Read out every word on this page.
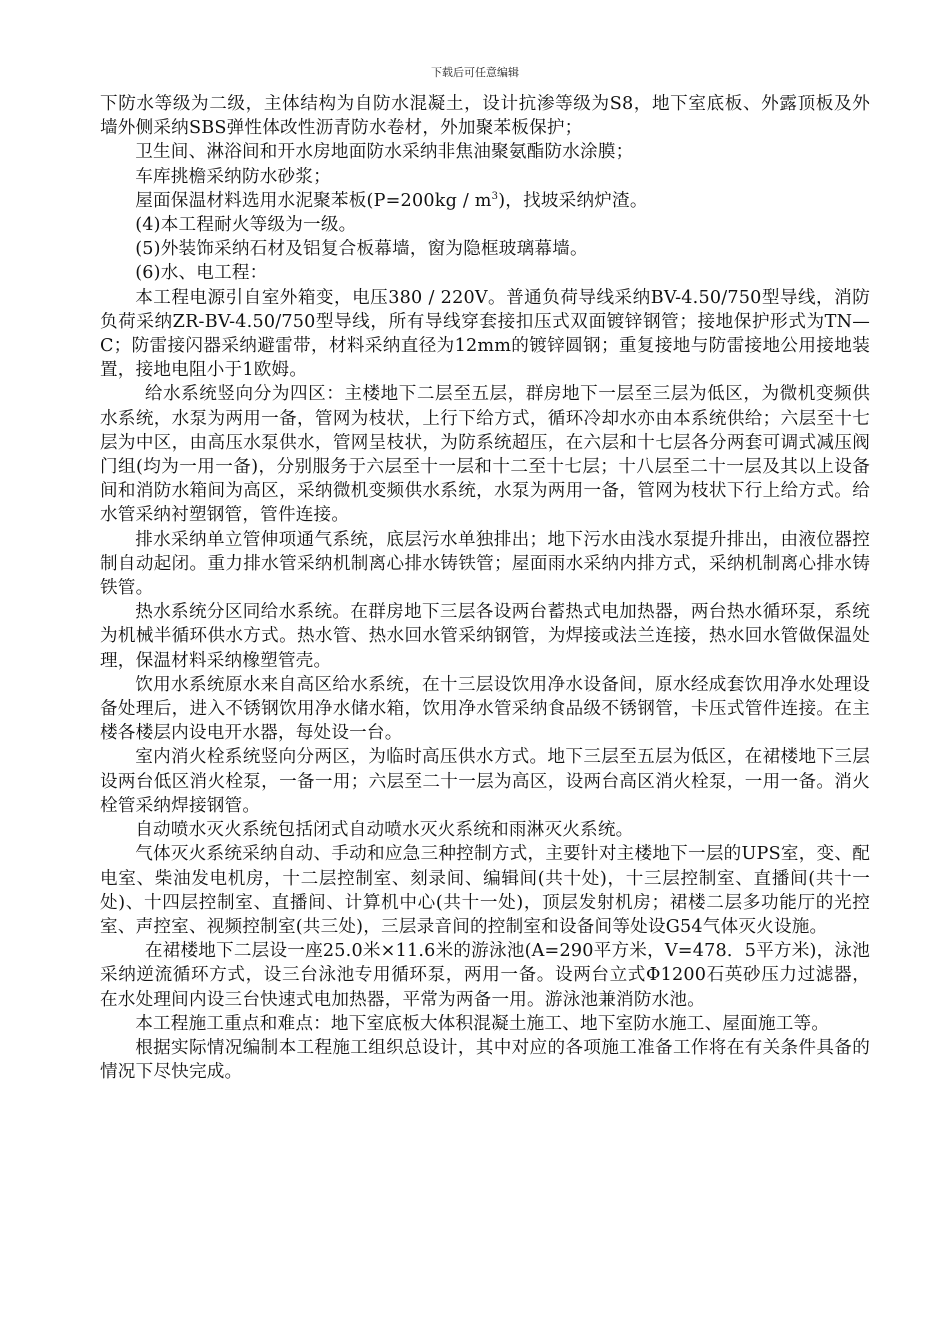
下载后可任意编辑

下防水等级为二级，主体结构为自防水混凝土，设计抗渗等级为S8，地下室底板、外露顶板及外墙外侧采纳SBS弹性体改性沥青防水卷材，外加聚苯板保护；

卫生间、淋浴间和开水房地面防水采纳非焦油聚氨酯防水涂膜；

车库挑檐采纳防水砂浆；

屋面保温材料选用水泥聚苯板$(P=200kg / m^3)$，找坡采纳炉渣。

(4)本工程耐火等级为一级。

(5)外装饰采纳石材及铝复合板幕墙，窗为隐框玻璃幕墙。

(6)水、电工程：

本工程电源引自室外箱变，电压380 / 220V。普通负荷导线采纳BV-4.50/750型导线，消防负荷采纳ZR-BV-4.50/750型导线，所有导线穿套接扣压式双面镀锌钢管；接地保护形式为TN—C；防雷接闪器采纳避雷带，材料采纳直径为12mm的镀锌圆钢；重复接地与防雷接地公用接地装置，接地电阻小于1欧姆。

给水系统竖向分为四区：主楼地下二层至五层，群房地下一层至三层为低区，为微机变频供水系统，水泵为两用一备，管网为枝状，上行下给方式，循环冷却水亦由本系统供给；六层至十七层为中区，由高压水泵供水，管网呈枝状，为防系统超压，在六层和十七层各分两套可调式减压阀门组(均为一用一备)，分别服务于六层至十一层和十二至十七层；十八层至二十一层及其以上设备间和消防水箱间为高区，采纳微机变频供水系统，水泵为两用一备，管网为枝状下行上给方式。给水管采纳衬塑钢管，管件连接。

排水采纳单立管伸项通气系统，底层污水单独排出；地下污水由浅水泵提升排出，由液位器控制自动起闭。重力排水管采纳机制离心排水铸铁管；屋面雨水采纳内排方式，采纳机制离心排水铸铁管。

热水系统分区同给水系统。在群房地下三层各设两台蓄热式电加热器，两台热水循环泵，系统为机械半循环供水方式。热水管、热水回水管采纳钢管，为焊接或法兰连接，热水回水管做保温处理，保温材料采纳橡塑管壳。

饮用水系统原水来自高区给水系统，在十三层设饮用净水设备间，原水经成套饮用净水处理设备处理后，进入不锈钢饮用净水储水箱，饮用净水管采纳食品级不锈钢管，卡压式管件连接。在主楼各楼层内设电开水器，每处设一台。

室内消火栓系统竖向分两区，为临时高压供水方式。地下三层至五层为低区，在裙楼地下三层设两台低区消火栓泵，一备一用；六层至二十一层为高区，设两台高区消火栓泵，一用一备。消火栓管采纳焊接钢管。

自动喷水灭火系统包括闭式自动喷水灭火系统和雨淋灭火系统。

气体灭火系统采纳自动、手动和应急三种控制方式，主要针对主楼地下一层的UPS室，变、配电室、柴油发电机房，十二层控制室、刻录间、编辑间(共十处)，十三层控制室、直播间(共十一处)、十四层控制室、直播间、计算机中心(共十一处)，顶层发射机房；裙楼二层多功能厅的光控室、声控室、视频控制室(共三处)，三层录音间的控制室和设备间等处设G54气体灭火设施。

在裙楼地下二层设一座25.0米×11.6米的游泳池(A=290平方米，V=478．5平方米)，泳池采纳逆流循环方式，设三台泳池专用循环泵，两用一备。设两台立式Φ1200石英砂压力过滤器，在水处理间内设三台快速式电加热器，平常为两备一用。游泳池兼消防水池。

本工程施工重点和难点：地下室底板大体积混凝土施工、地下室防水施工、屋面施工等。

根据实际情况编制本工程施工组织总设计，其中对应的各项施工准备工作将在有关条件具备的情况下尽快完成。
